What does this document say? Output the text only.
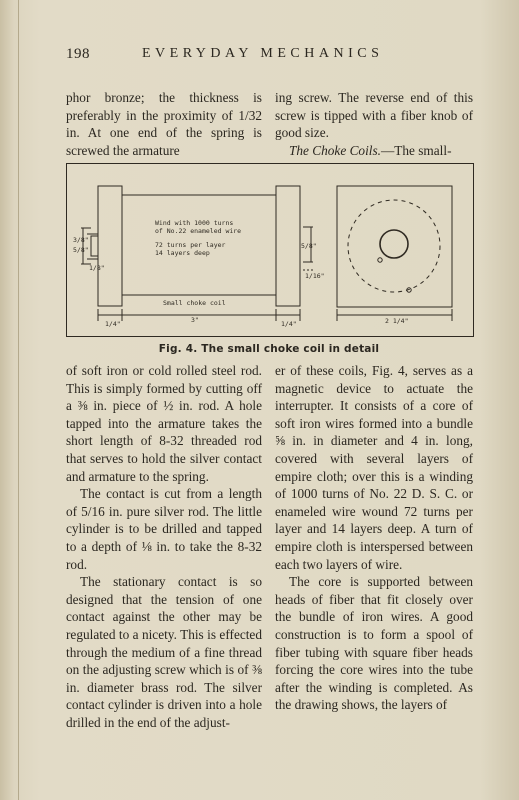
198	EVERYDAY MECHANICS

phor bronze; the thickness is preferably in the proximity of 1/32 in. At one end of the spring is screwed the armature

ing screw. The reverse end of this screw is tipped with a fiber knob of good size.
The Choke Coils.—The small-

Wind with 1000 turns
of No.22 enameled wire
72 turns per layer
14 layers deep
Small choke coil
3/8"
5/8"
1/8"
5/8"
1/16"
1/4"	3"	1/4"	2 1/4"
Fig. 4. The small choke coil in detail

of soft iron or cold rolled steel rod. This is simply formed by cutting off a ⅜ in. piece of ½ in. rod. A hole tapped into the armature takes the short length of 8-32 threaded rod that serves to hold the silver contact and armature to the spring.

The contact is cut from a length of 5/16 in. pure silver rod. The little cylinder is to be drilled and tapped to a depth of ⅛ in. to take the 8-32 rod.

The stationary contact is so designed that the tension of one contact against the other may be regulated to a nicety. This is effected through the medium of a fine thread on the adjusting screw which is of ⅜ in. diameter brass rod. The silver contact cylinder is driven into a hole drilled in the end of the adjust-

er of these coils, Fig. 4, serves as a magnetic device to actuate the interrupter. It consists of a core of soft iron wires formed into a bundle ⅝ in. in diameter and 4 in. long, covered with several layers of empire cloth; over this is a winding of 1000 turns of No. 22 D. S. C. or enameled wire wound 72 turns per layer and 14 layers deep. A turn of empire cloth is interspersed between each two layers of wire.

The core is supported between heads of fiber that fit closely over the bundle of iron wires. A good construction is to form a spool of fiber tubing with square fiber heads forcing the core wires into the tube after the winding is completed. As the drawing shows, the layers of
